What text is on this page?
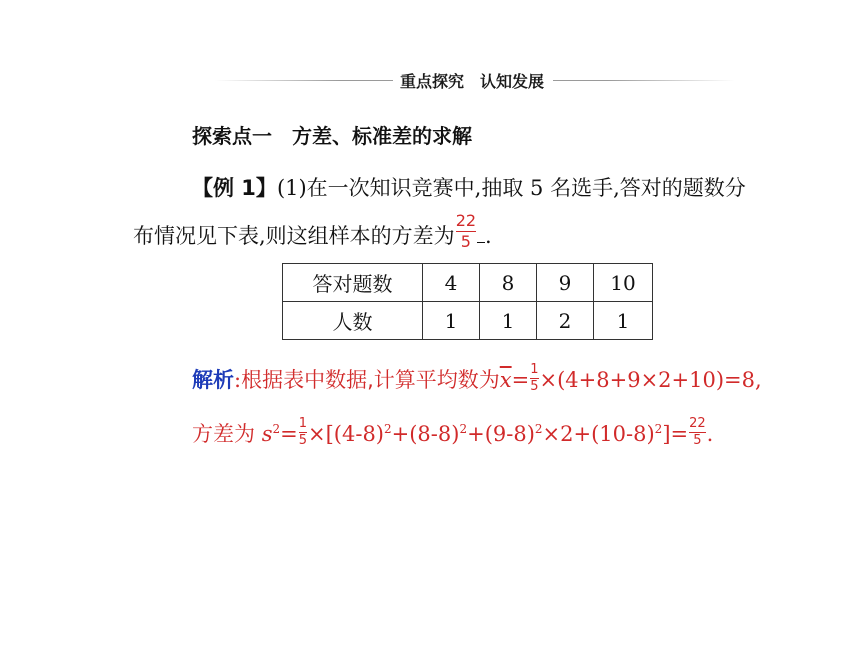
重点探究　认知发展
探索点一　方差、标准差的求解
【例 1】(1)在一次知识竞赛中,抽取 5 名选手,答对的题数分
布情况见下表,则这组样本的方差为 $\frac{22}{5}$ .
答对题数	4	8	9	10
人数	1	1	2	1
解析:根据表中数据,计算平均数为$\overline{x}= \frac{1}{5} \times(4+8+9\times 2+10)=8$,
方差为 $s^2= \frac{1}{5} \times[(4-8)^2+(8-8)^2+(9-8)^2\times 2+(10-8)^2]= \frac{22}{5}$ .
